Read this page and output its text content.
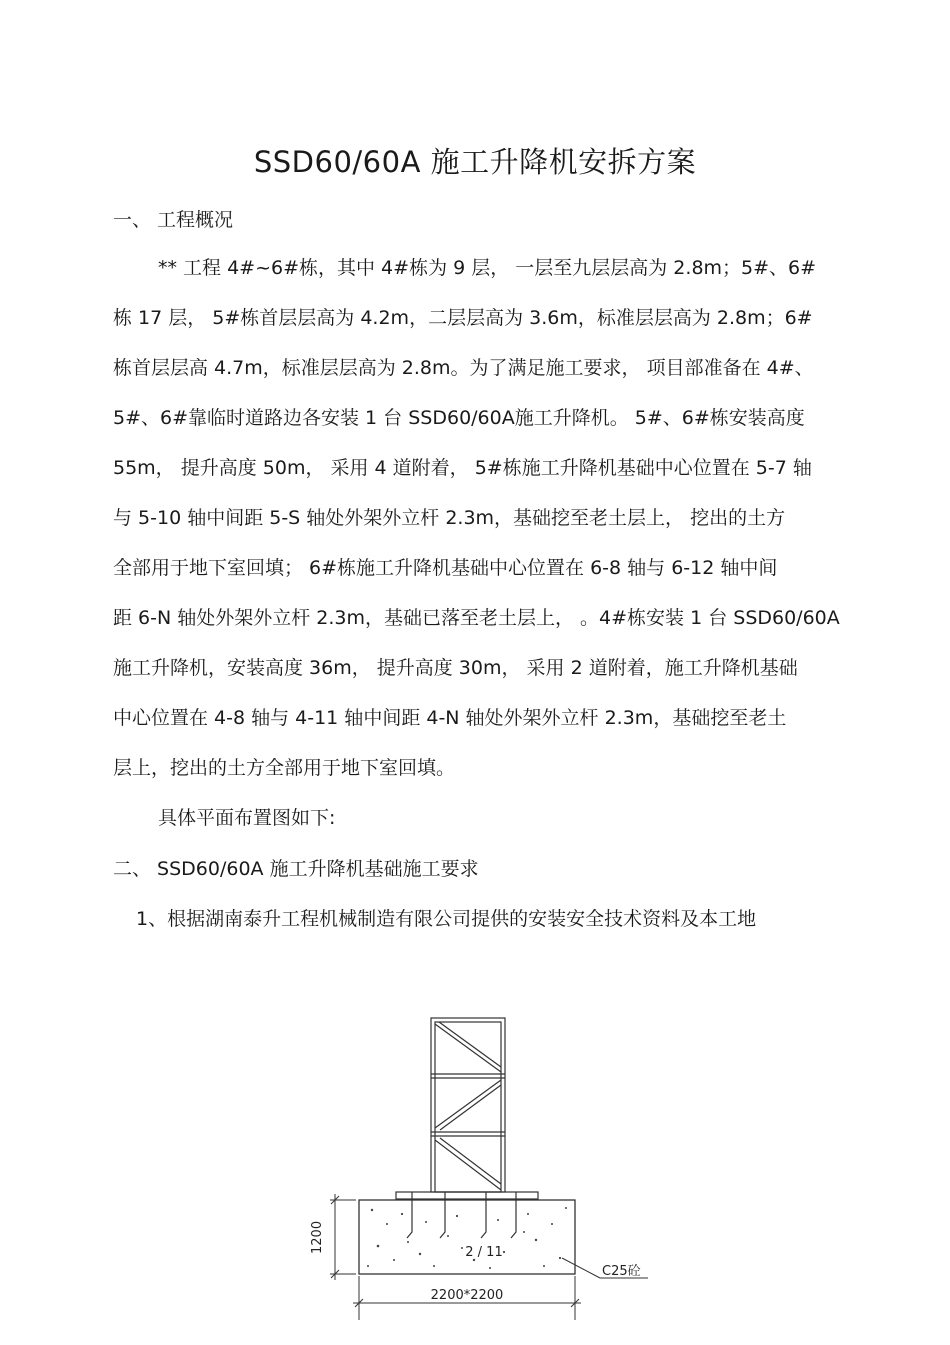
SSD60/60A 施工升降机安拆方案
一、 工程概况
** 工程 4#~6#栋，其中 4#栋为 9 层， 一层至九层层高为 2.8m；5#、6#
栋 17 层， 5#栋首层层高为 4.2m，二层层高为 3.6m，标准层层高为 2.8m；6#
栋首层层高 4.7m，标准层层高为 2.8m。为了满足施工要求， 项目部准备在 4#、
5#、6#靠临时道路边各安装 1 台 SSD60/60A施工升降机。 5#、6#栋安装高度
55m， 提升高度 50m， 采用 4 道附着， 5#栋施工升降机基础中心位置在 5-7 轴
与 5-10 轴中间距 5-S 轴处外架外立杆 2.3m，基础挖至老土层上， 挖出的土方
全部用于地下室回填； 6#栋施工升降机基础中心位置在 6-8 轴与 6-12 轴中间
距 6-N 轴处外架外立杆 2.3m，基础已落至老土层上， 。4#栋安装 1 台 SSD60/60A
施工升降机，安装高度 36m， 提升高度 30m， 采用 2 道附着，施工升降机基础
中心位置在 4-8 轴与 4-11 轴中间距 4-N 轴处外架外立杆 2.3m，基础挖至老土
层上，挖出的土方全部用于地下室回填。
具体平面布置图如下:
二、 SSD60/60A 施工升降机基础施工要求
1、根据湖南泰升工程机械制造有限公司提供的安装安全技术资料及本工地
1200
2200*2200
C25砼
2 / 11
